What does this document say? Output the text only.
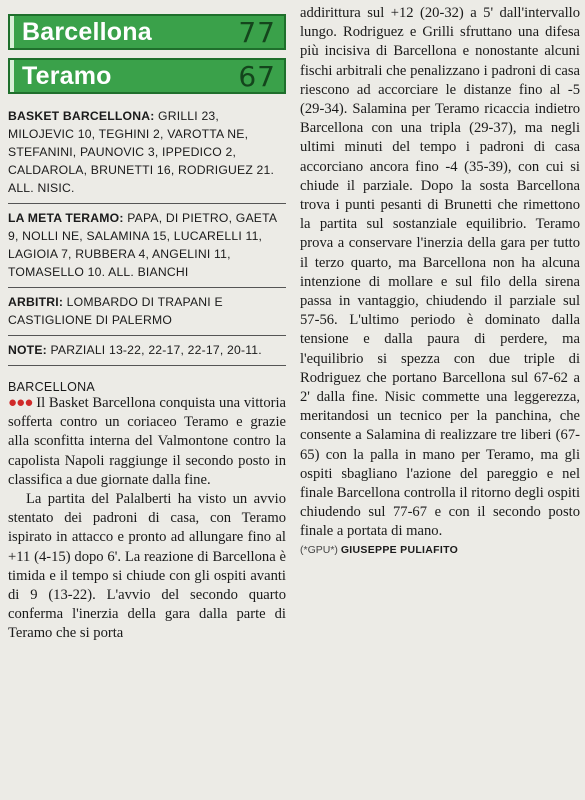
Barcellona	77
Teramo	67
BASKET BARCELLONA: GRILLI 23, MILOJEVIC 10, TEGHINI 2, VAROTTA NE, STEFANINI, PAUNOVIC 3, IPPEDICO 2, CALDAROLA, BRUNETTI 16, RODRIGUEZ 21. ALL. NISIC.
LA META TERAMO: PAPA, DI PIETRO, GAETA 9, NOLLI NE, SALAMINA 15, LUCARELLI 11, LAGIOIA 7, RUBBERA 4, ANGELINI 11, TOMASELLO 10. ALL. BIANCHI
ARBITRI: LOMBARDO DI TRAPANI E CASTIGLIONE DI PALERMO
NOTE: PARZIALI 13-22, 22-17, 22-17, 20-11.
BARCELLONA

●●● Il Basket Barcellona conquista una vittoria sofferta contro un coriaceo Teramo e grazie alla sconfitta interna del Valmontone contro la capolista Napoli raggiunge il secondo posto in classifica a due giornate dalla fine.

La partita del Palalberti ha visto un avvio stentato dei padroni di casa, con Teramo ispirato in attacco e pronto ad allungare fino al +11 (4-15) dopo 6'. La reazione di Barcellona è timida e il tempo si chiude con gli ospiti avanti di 9 (13-22). L'avvio del secondo quarto conferma l'inerzia della gara dalla parte di Teramo che si porta

addirittura sul +12 (20-32) a 5' dall'intervallo lungo. Rodriguez e Grilli sfruttano una difesa più incisiva di Barcellona e nonostante alcuni fischi arbitrali che penalizzano i padroni di casa riescono ad accorciare le distanze fino al -5 (29-34). Salamina per Teramo ricaccia indietro Barcellona con una tripla (29-37), ma negli ultimi minuti del tempo i padroni di casa accorciano ancora fino -4 (35-39), con cui si chiude il parziale. Dopo la sosta Barcellona trova i punti pesanti di Brunetti che rimettono la partita sul sostanziale equilibrio. Teramo prova a conservare l'inerzia della gara per tutto il terzo quarto, ma Barcellona non ha alcuna intenzione di mollare e sul filo della sirena passa in vantaggio, chiudendo il parziale sul 57-56. L'ultimo periodo è dominato dalla tensione e dalla paura di perdere, ma l'equilibrio si spezza con due triple di Rodriguez che portano Barcellona sul 67-62 a 2' dalla fine. Nisic commette una leggerezza, meritandosi un tecnico per la panchina, che consente a Salamina di realizzare tre liberi (67-65) con la palla in mano per Teramo, ma gli ospiti sbagliano l'azione del pareggio e nel finale Barcellona controlla il ritorno degli ospiti chiudendo sul 77-67 e con il secondo posto finale a portata di mano.

(*GPU*) GIUSEPPE PULIAFITO
